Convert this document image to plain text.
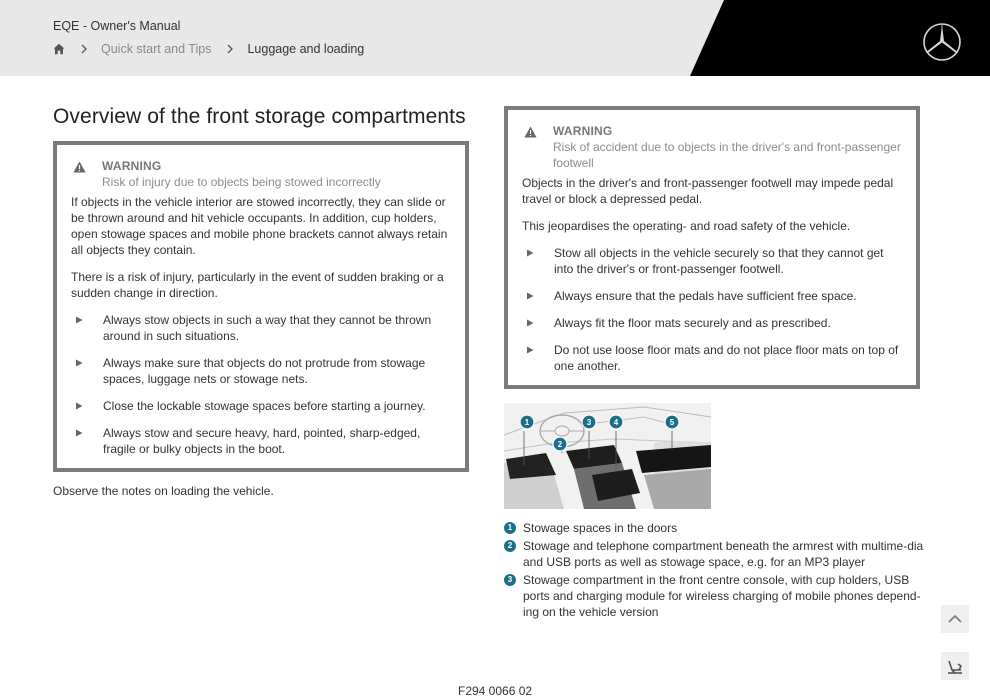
EQE - Owner's Manual
Quick start and Tips	Luggage and loading
Overview of the front storage compartments
WARNING
Risk of injury due to objects being stowed incorrectly

If objects in the vehicle interior are stowed incorrectly, they can slide or be thrown around and hit vehicle occupants. In addition, cup holders, open stowage spaces and mobile phone brackets cannot always retain all objects they contain.

There is a risk of injury, particularly in the event of sudden braking or a sudden change in direction.

Always stow objects in such a way that they cannot be thrown around in such situations.
Always make sure that objects do not protrude from stowage spaces, luggage nets or stowage nets.
Close the lockable stowage spaces before starting a journey.
Always stow and secure heavy, hard, pointed, sharp-edged, fragile or bulky objects in the boot.

Observe the notes on loading the vehicle.

WARNING
Risk of accident due to objects in the driver's and front-passenger footwell

Objects in the driver's and front-passenger footwell may impede pedal travel or block a depressed pedal.

This jeopardises the operating- and road safety of the vehicle.

Stow all objects in the vehicle securely so that they cannot get into the driver's or front-passenger footwell.
Always ensure that the pedals have sufficient free space.
Always fit the floor mats securely and as prescribed.
Do not use loose floor mats and do not place floor mats on top of one another.
1
2
3	4	5
1 Stowage spaces in the doors
2 Stowage and telephone compartment beneath the armrest with multime-dia and USB ports as well as stowage space, e.g. for an MP3 player
3 Stowage compartment in the front centre console, with cup holders, USB ports and charging module for wireless charging of mobile phones depend-ing on the vehicle version
F294 0066 02
